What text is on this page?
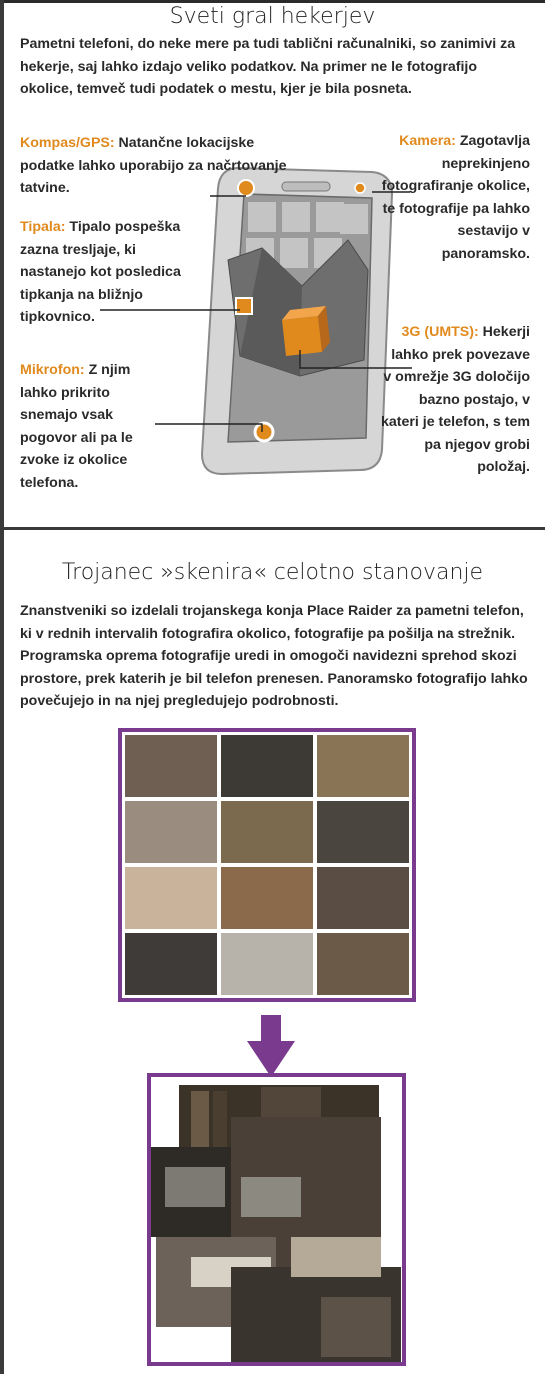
Sveti gral hekerjev
Pametni telefoni, do neke mere pa tudi tablični računalniki, so zanimivi za hekerje, saj lahko izdajo veliko podatkov. Na primer ne le fotografijo okolice, temveč tudi podatek o mestu, kjer je bila posneta.
Kompas/GPS: Natančne lokacijske podatke lahko uporabijo za načrtovanje tatvine.
Tipala: Tipalo pospeška zazna tresljaje, ki nastanejo kot posledica tipkanja na bližnjo tipkovnico.
Mikrofon: Z njim lahko prikrito snemajo vsak pogovor ali pa le zvoke iz okolice telefona.
Kamera: Zagotavlja neprekinjeno fotografiranje okolice, te fotografije pa lahko sestavijo v panoramsko.
3G (UMTS): Hekerji lahko prek povezave v omrežje 3G določijo bazno postajo, v kateri je telefon, s tem pa njegov grobi položaj.
Trojanec »skenira« celotno stanovanje
Znanstveniki so izdelali trojanskega konja Place Raider za pametni telefon, ki v rednih intervalih fotografira okolico, fotografije pa pošilja na strežnik. Programska oprema fotografije uredi in omogoči navidezni sprehod skozi prostore, prek katerih je bil telefon prenesen. Panoramsko fotografijo lahko povečujejo in na njej pregledujejo podrobnosti.
